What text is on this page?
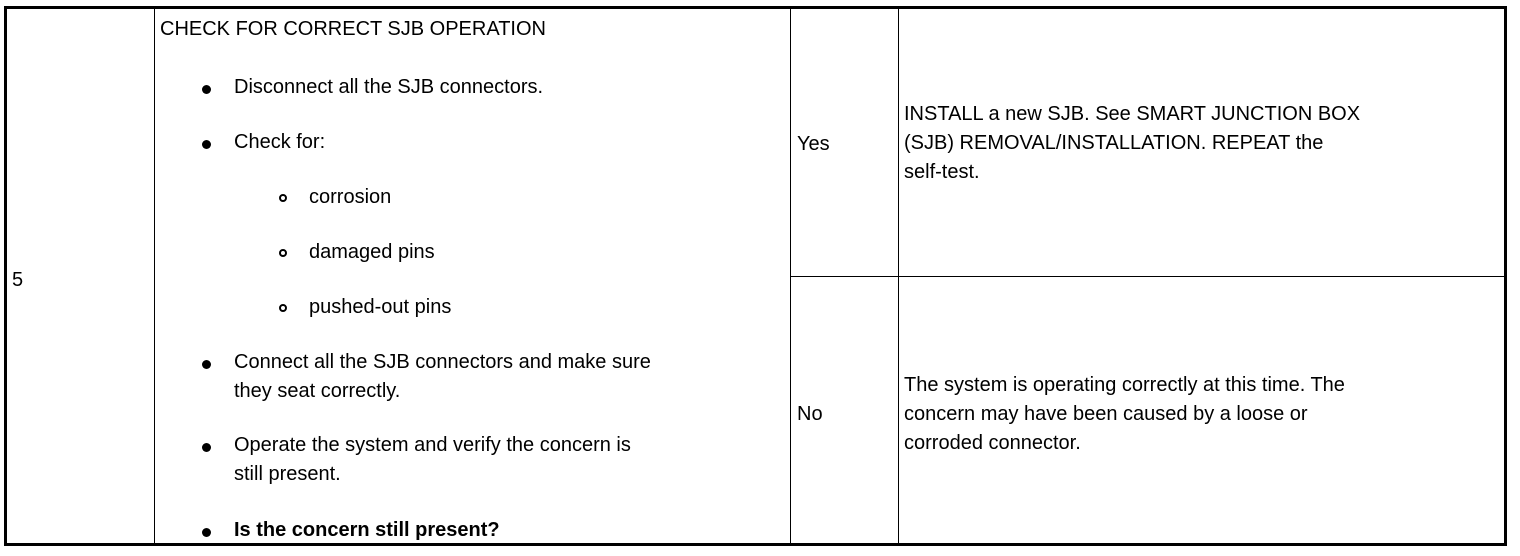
5
CHECK FOR CORRECT SJB OPERATION
Disconnect all the SJB connectors.
Check for:
corrosion
damaged pins
pushed-out pins
Connect all the SJB connectors and make sure
they seat correctly.
Operate the system and verify the concern is
still present.
Is the concern still present?
Yes
INSTALL a new SJB. See SMART JUNCTION BOX
(SJB) REMOVAL/INSTALLATION. REPEAT the
self-test.
No
The system is operating correctly at this time. The
concern may have been caused by a loose or
corroded connector.
